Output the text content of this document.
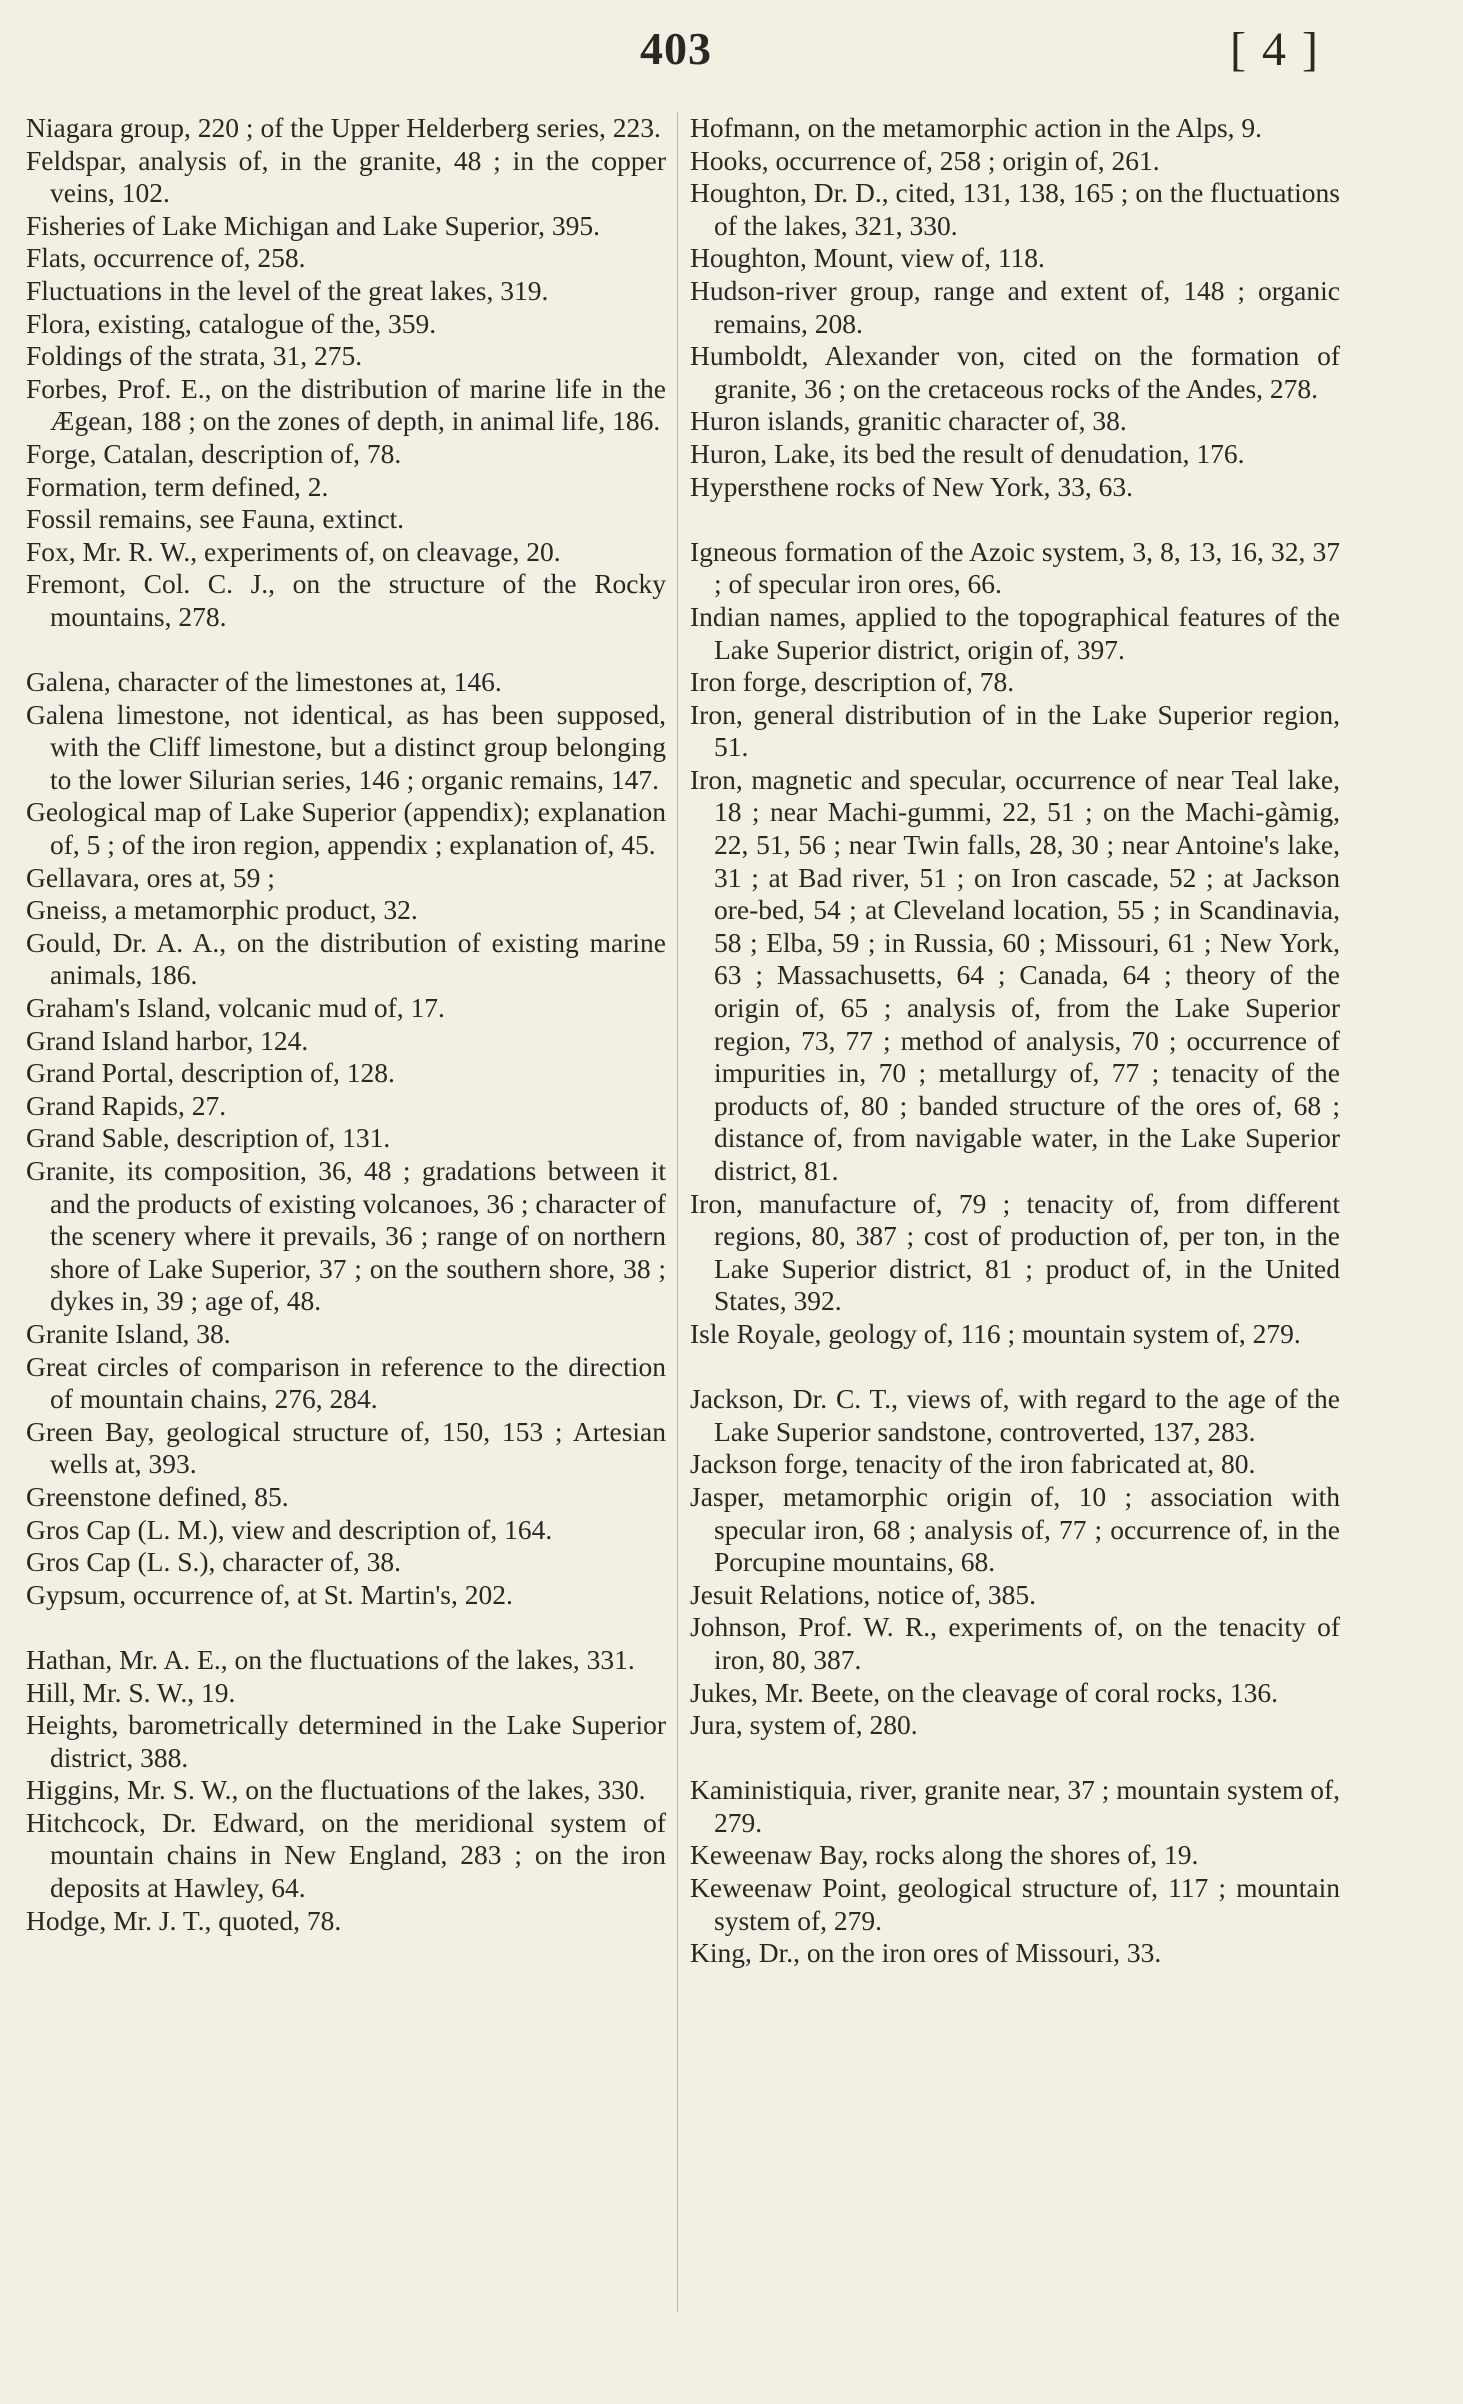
403	[ 4 ]

Niagara group, 220 ; of the Upper Helderberg series, 223.

Feldspar, analysis of, in the granite, 48 ; in the copper veins, 102.

Fisheries of Lake Michigan and Lake Superior, 395.

Flats, occurrence of, 258.

Fluctuations in the level of the great lakes, 319.

Flora, existing, catalogue of the, 359.

Foldings of the strata, 31, 275.

Forbes, Prof. E., on the distribution of marine life in the Ægean, 188 ; on the zones of depth, in animal life, 186.

Forge, Catalan, description of, 78.

Formation, term defined, 2.

Fossil remains, see Fauna, extinct.

Fox, Mr. R. W., experiments of, on cleavage, 20.

Fremont, Col. C. J., on the structure of the Rocky mountains, 278.

Galena, character of the limestones at, 146.

Galena limestone, not identical, as has been supposed, with the Cliff limestone, but a distinct group belonging to the lower Silurian series, 146 ; organic remains, 147.

Geological map of Lake Superior (appendix); explanation of, 5 ; of the iron region, appendix ; explanation of, 45.

Gellavara, ores at, 59 ;

Gneiss, a metamorphic product, 32.

Gould, Dr. A. A., on the distribution of existing marine animals, 186.

Graham's Island, volcanic mud of, 17.

Grand Island harbor, 124.

Grand Portal, description of, 128.

Grand Rapids, 27.

Grand Sable, description of, 131.

Granite, its composition, 36, 48 ; gradations between it and the products of existing volcanoes, 36 ; character of the scenery where it prevails, 36 ; range of on northern shore of Lake Superior, 37 ; on the southern shore, 38 ; dykes in, 39 ; age of, 48.

Granite Island, 38.

Great circles of comparison in reference to the direction of mountain chains, 276, 284.

Green Bay, geological structure of, 150, 153 ; Artesian wells at, 393.

Greenstone defined, 85.

Gros Cap (L. M.), view and description of, 164.

Gros Cap (L. S.), character of, 38.

Gypsum, occurrence of, at St. Martin's, 202.

Hathan, Mr. A. E., on the fluctuations of the lakes, 331.

Hill, Mr. S. W., 19.

Heights, barometrically determined in the Lake Superior district, 388.

Higgins, Mr. S. W., on the fluctuations of the lakes, 330.

Hitchcock, Dr. Edward, on the meridional system of mountain chains in New England, 283 ; on the iron deposits at Hawley, 64.

Hodge, Mr. J. T., quoted, 78.

Hofmann, on the metamorphic action in the Alps, 9.

Hooks, occurrence of, 258 ; origin of, 261.

Houghton, Dr. D., cited, 131, 138, 165 ; on the fluctuations of the lakes, 321, 330.

Houghton, Mount, view of, 118.

Hudson-river group, range and extent of, 148 ; organic remains, 208.

Humboldt, Alexander von, cited on the formation of granite, 36 ; on the cretaceous rocks of the Andes, 278.

Huron islands, granitic character of, 38.

Huron, Lake, its bed the result of denudation, 176.

Hypersthene rocks of New York, 33, 63.

Igneous formation of the Azoic system, 3, 8, 13, 16, 32, 37 ; of specular iron ores, 66.

Indian names, applied to the topographical features of the Lake Superior district, origin of, 397.

Iron forge, description of, 78.

Iron, general distribution of in the Lake Superior region, 51.

Iron, magnetic and specular, occurrence of near Teal lake, 18 ; near Machi-gummi, 22, 51 ; on the Machi-gàmig, 22, 51, 56 ; near Twin falls, 28, 30 ; near Antoine's lake, 31 ; at Bad river, 51 ; on Iron cascade, 52 ; at Jackson ore-bed, 54 ; at Cleveland location, 55 ; in Scandinavia, 58 ; Elba, 59 ; in Russia, 60 ; Missouri, 61 ; New York, 63 ; Massachusetts, 64 ; Canada, 64 ; theory of the origin of, 65 ; analysis of, from the Lake Superior region, 73, 77 ; method of analysis, 70 ; occurrence of impurities in, 70 ; metallurgy of, 77 ; tenacity of the products of, 80 ; banded structure of the ores of, 68 ; distance of, from navigable water, in the Lake Superior district, 81.

Iron, manufacture of, 79 ; tenacity of, from different regions, 80, 387 ; cost of production of, per ton, in the Lake Superior district, 81 ; product of, in the United States, 392.

Isle Royale, geology of, 116 ; mountain system of, 279.

Jackson, Dr. C. T., views of, with regard to the age of the Lake Superior sandstone, controverted, 137, 283.

Jackson forge, tenacity of the iron fabricated at, 80.

Jasper, metamorphic origin of, 10 ; association with specular iron, 68 ; analysis of, 77 ; occurrence of, in the Porcupine mountains, 68.

Jesuit Relations, notice of, 385.

Johnson, Prof. W. R., experiments of, on the tenacity of iron, 80, 387.

Jukes, Mr. Beete, on the cleavage of coral rocks, 136.

Jura, system of, 280.

Kaministiquia, river, granite near, 37 ; mountain system of, 279.

Keweenaw Bay, rocks along the shores of, 19.

Keweenaw Point, geological structure of, 117 ; mountain system of, 279.

King, Dr., on the iron ores of Missouri, 33.
